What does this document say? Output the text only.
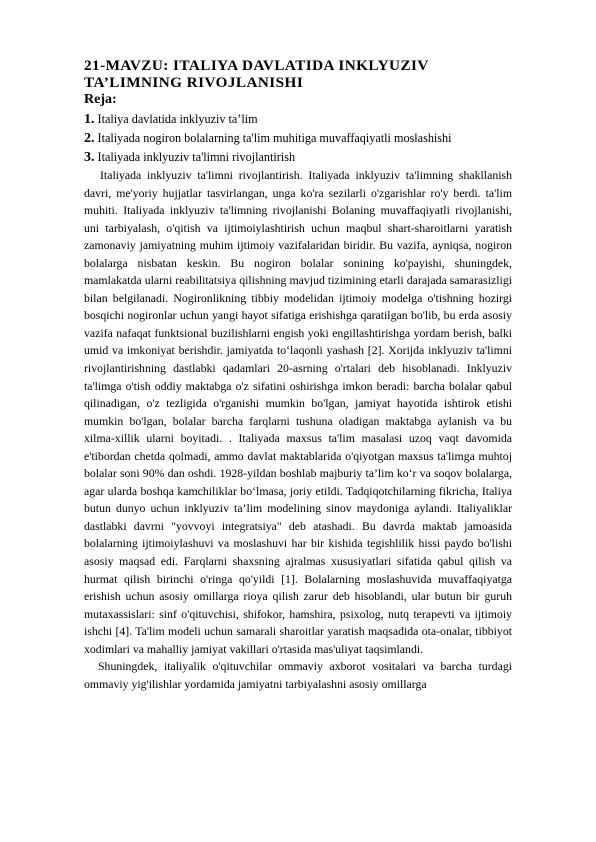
21-MAVZU: ITALIYA DAVLATIDA INKLYUZIV TA’LIMNING RIVOJLANISHI
Reja:
1. Italiya davlatida inklyuziv ta’lim
2. Italiyada nogiron bolalarning ta'lim muhitiga muvaffaqiyatli moslashishi
3. Italiyada inklyuziv ta'limni rivojlantirish

Italiyada inklyuziv ta'limni rivojlantirish. Italiyada inklyuziv ta'limning shakllanish davri, me'yoriy hujjatlar tasvirlangan, unga ko'ra sezilarli o'zgarishlar ro'y berdi. ta'lim muhiti. Italiyada inklyuziv ta'limning rivojlanishi Bolaning muvaffaqiyatli rivojlanishi, uni tarbiyalash, o'qitish va ijtimoiylashtirish uchun maqbul shart-sharoitlarni yaratish zamonaviy jamiyatning muhim ijtimoiy vazifalaridan biridir. Bu vazifa, ayniqsa, nogiron bolalarga nisbatan keskin. Bu nogiron bolalar sonining ko'payishi, shuningdek, mamlakatda ularni reabilitatsiya qilishning mavjud tizimining etarli darajada samarasizligi bilan belgilanadi. Nogironlikning tibbiy modelidan ijtimoiy modelga o'tishning hozirgi bosqichi nogironlar uchun yangi hayot sifatiga erishishga qaratilgan bo'lib, bu erda asosiy vazifa nafaqat funktsional buzilishlarni engish yoki engillashtirishga yordam berish, balki umid va imkoniyat berishdir. jamiyatda to‘laqonli yashash [2]. Xorijda inklyuziv ta'limni rivojlantirishning dastlabki qadamlari 20-asrning o'rtalari deb hisoblanadi. Inklyuziv ta'limga o'tish oddiy maktabga o'z sifatini oshirishga imkon beradi: barcha bolalar qabul qilinadigan, o'z tezligida o'rganishi mumkin bo'lgan, jamiyat hayotida ishtirok etishi mumkin bo'lgan, bolalar barcha farqlarni tushuna oladigan maktabga aylanish va bu xilma-xillik ularni boyitadi. . Italiyada maxsus ta'lim masalasi uzoq vaqt davomida e'tibordan chetda qolmadi, ammo davlat maktablarida o'qiyotgan maxsus ta'limga muhtoj bolalar soni 90% dan oshdi. 1928-yildan boshlab majburiy ta’lim ko‘r va soqov bolalarga, agar ularda boshqa kamchiliklar bo‘lmasa, joriy etildi. Tadqiqotchilarning fikricha, Italiya butun dunyo uchun inklyuziv ta’lim modelining sinov maydoniga aylandi. Italiyaliklar dastlabki davrni "yovvoyi integratsiya" deb atashadi. Bu davrda maktab jamoasida bolalarning ijtimoiylashuvi va moslashuvi har bir kishida tegishlilik hissi paydo bo'lishi asosiy maqsad edi. Farqlarni shaxsning ajralmas xususiyatlari sifatida qabul qilish va hurmat qilish birinchi o'ringa qo'yildi [1]. Bolalarning moslashuvida muvaffaqiyatga erishish uchun asosiy omillarga rioya qilish zarur deb hisoblandi, ular butun bir guruh mutaxassislari: sinf o'qituvchisi, shifokor, hamshira, psixolog, nutq terapevti va ijtimoiy ishchi [4]. Ta'lim modeli uchun samarali sharoitlar yaratish maqsadida ota-onalar, tibbiyot xodimlari va mahalliy jamiyat vakillari o'rtasida mas'uliyat taqsimlandi.

Shuningdek, italiyalik o'qituvchilar ommaviy axborot vositalari va barcha turdagi ommaviy yig'ilishlar yordamida jamiyatni tarbiyalashni asosiy omillarga
